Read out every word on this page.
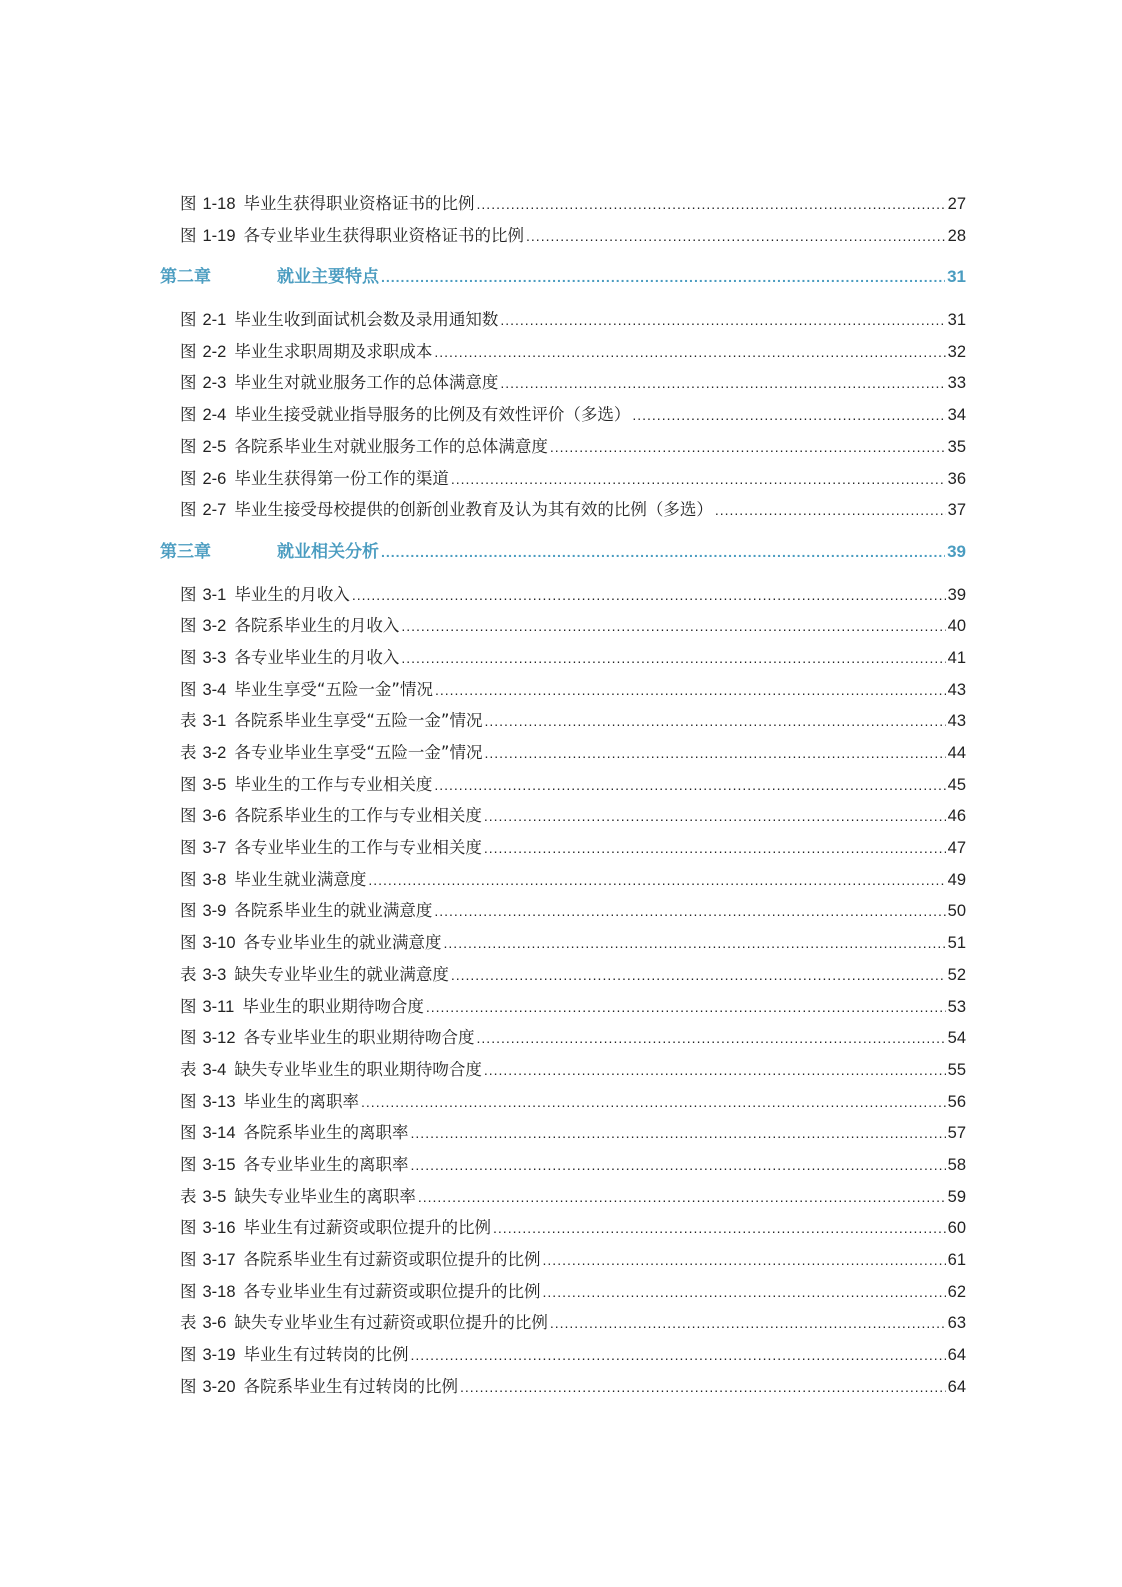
图 1-18 毕业生获得职业资格证书的比例 .....	27
图 1-19 各专业毕业生获得职业资格证书的比例 .....	28
第二章	就业主要特点 .....	31
图 2-1 毕业生收到面试机会数及录用通知数 .....	31
图 2-2 毕业生求职周期及求职成本 .....	32
图 2-3 毕业生对就业服务工作的总体满意度 .....	33
图 2-4 毕业生接受就业指导服务的比例及有效性评价（多选） .....	34
图 2-5 各院系毕业生对就业服务工作的总体满意度 .....	35
图 2-6 毕业生获得第一份工作的渠道 .....	36
图 2-7 毕业生接受母校提供的创新创业教育及认为其有效的比例（多选） .....	37
第三章	就业相关分析 .....	39
图 3-1 毕业生的月收入 .....	39
图 3-2 各院系毕业生的月收入 .....	40
图 3-3 各专业毕业生的月收入 .....	41
图 3-4 毕业生享受“五险一金”情况 .....	43
表 3-1 各院系毕业生享受“五险一金”情况 .....	43
表 3-2 各专业毕业生享受“五险一金”情况 .....	44
图 3-5 毕业生的工作与专业相关度 .....	45
图 3-6 各院系毕业生的工作与专业相关度 .....	46
图 3-7 各专业毕业生的工作与专业相关度 .....	47
图 3-8 毕业生就业满意度 .....	49
图 3-9 各院系毕业生的就业满意度 .....	50
图 3-10 各专业毕业生的就业满意度 .....	51
表 3-3 缺失专业毕业生的就业满意度 .....	52
图 3-11 毕业生的职业期待吻合度 .....	53
图 3-12 各专业毕业生的职业期待吻合度 .....	54
表 3-4 缺失专业毕业生的职业期待吻合度 .....	55
图 3-13 毕业生的离职率 .....	56
图 3-14 各院系毕业生的离职率 .....	57
图 3-15 各专业毕业生的离职率 .....	58
表 3-5 缺失专业毕业生的离职率 .....	59
图 3-16 毕业生有过薪资或职位提升的比例 .....	60
图 3-17 各院系毕业生有过薪资或职位提升的比例 .....	61
图 3-18 各专业毕业生有过薪资或职位提升的比例 .....	62
表 3-6 缺失专业毕业生有过薪资或职位提升的比例 .....	63
图 3-19 毕业生有过转岗的比例 .....	64
图 3-20 各院系毕业生有过转岗的比例 .....	64
